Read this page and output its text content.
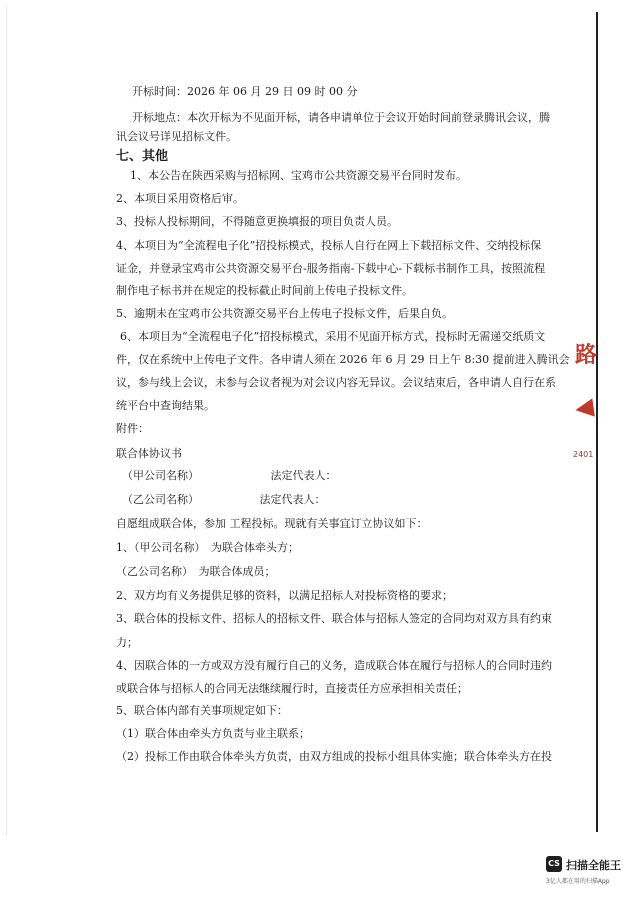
路
◀
2401
开标时间：2026 年 06 月 29 日 09 时 00 分
开标地点：本次开标为不见面开标，请各申请单位于会议开始时间前登录腾讯会议，腾
讯会议号详见招标文件。
七、其他
1、本公告在陕西采购与招标网、宝鸡市公共资源交易平台同时发布。
2、本项目采用资格后审。
3、投标人投标期间，不得随意更换填报的项目负责人员。
4、本项目为“全流程电子化”招投标模式，投标人自行在网上下载招标文件、交纳投标保
证金，并登录宝鸡市公共资源交易平台-服务指南-下载中心-下载标书制作工具，按照流程
制作电子标书并在规定的投标截止时间前上传电子投标文件。
5、逾期未在宝鸡市公共资源交易平台上传电子投标文件，后果自负。
6、本项目为“全流程电子化”招投标模式，采用不见面开标方式，投标时无需递交纸质文
件，仅在系统中上传电子文件。各申请人须在 2026 年 6 月 29 日上午 8:30 提前进入腾讯会
议，参与线上会议，未参与会议者视为对会议内容无异议。会议结束后，各申请人自行在系
统平台中查询结果。
附件：
联合体协议书
（甲公司名称）　　　　　　　法定代表人：
（乙公司名称）　　　　　　法定代表人：
自愿组成联合体，参加 工程投标。现就有关事宜订立协议如下：
1、（甲公司名称）　为联合体牵头方；
（乙公司名称）　为联合体成员；
2、双方均有义务提供足够的资料，以满足招标人对投标资格的要求；
3、联合体的投标文件、招标人的招标文件、联合体与招标人签定的合同均对双方具有约束
力；
4、因联合体的一方或双方没有履行自己的义务，造成联合体在履行与招标人的合同时违约
或联合体与招标人的合同无法继续履行时，直接责任方应承担相关责任；
5、联合体内部有关事项规定如下：
（1）联合体由牵头方负责与业主联系；
（2）投标工作由联合体牵头方负责，由双方组成的投标小组具体实施；联合体牵头方在投
CS 扫描全能王
3亿人都在用的扫描App
